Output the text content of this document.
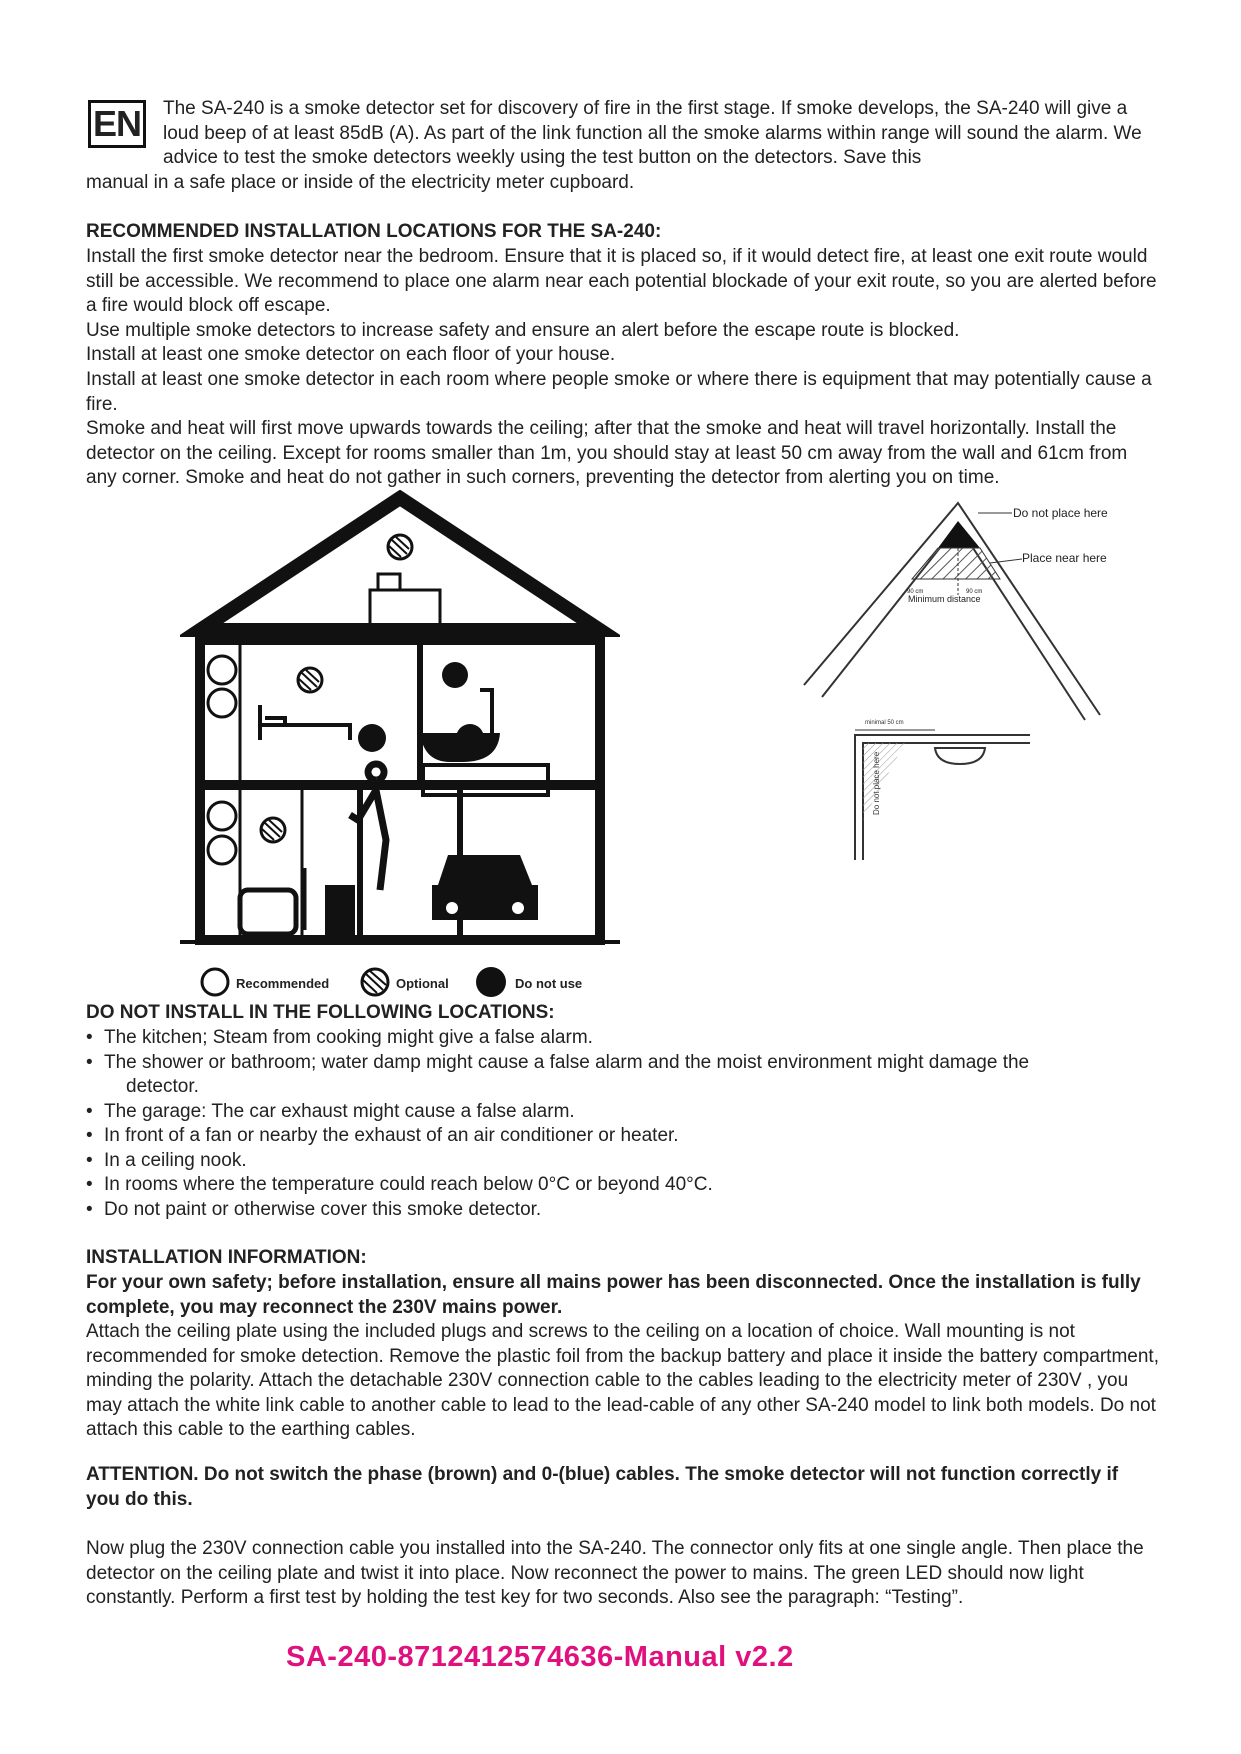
EN The SA-240 is a smoke detector set for discovery of fire in the first stage. If smoke develops, the SA-240 will give a loud beep of at least 85dB (A). As part of the link function all the smoke alarms within range will sound the alarm. We advice to test the smoke detectors weekly using the test button on the detectors. Save this
manual in a safe place or inside of the electricity meter cupboard.

RECOMMENDED INSTALLATION LOCATIONS FOR THE SA-240:

Install the first smoke detector near the bedroom. Ensure that it is placed so, if it would detect fire, at least one exit route would still be accessible. We recommend to place one alarm near each potential blockade of your exit route, so you are alerted before a fire would block off escape.

Use multiple smoke detectors to increase safety and ensure an alert before the escape route is blocked.

Install at least one smoke detector on each floor of your house.

Install at least one smoke detector in each room where people smoke or where there is equipment that may potentially cause a fire.

Smoke and heat will first move upwards towards the ceiling; after that the smoke and heat will travel horizontally. Install the detector on the ceiling. Except for rooms smaller than 1m, you should stay at least 50 cm away from the wall and 61cm from any corner. Smoke and heat do not gather in such corners, preventing the detector from alerting you on time.

Recommended	Optional	Do not use
Do not place here
Place near here
90 cm	90 cm
Minimum distance
minimal 50 cm
Do not place here

DO NOT INSTALL IN THE FOLLOWING LOCATIONS:

• The kitchen; Steam from cooking might give a false alarm.
• The shower or bathroom; water damp might cause a false alarm and the moist environment might damage the
detector.
• The garage: The car exhaust might cause a false alarm.
• In front of a fan or nearby the exhaust of an air conditioner or heater.
• In a ceiling nook.
• In rooms where the temperature could reach below 0°C or beyond 40°C.
• Do not paint or otherwise cover this smoke detector.

INSTALLATION INFORMATION:

For your own safety; before installation, ensure all mains power has been disconnected. Once the installation is fully complete, you may reconnect the 230V mains power.

Attach the ceiling plate using the included plugs and screws to the ceiling on a location of choice. Wall mounting is not recommended for smoke detection. Remove the plastic foil from the backup battery and place it inside the battery compartment, minding the polarity. Attach the detachable 230V connection cable to the cables leading to the electricity meter of 230V , you may attach the white link cable to another cable to lead to the lead-cable of any other SA-240 model to link both models. Do not attach this cable to the earthing cables.

ATTENTION. Do not switch the phase (brown) and 0-(blue) cables. The smoke detector will not function correctly if you do this.

Now plug the 230V connection cable you installed into the SA-240. The connector only fits at one single angle. Then place the detector on the ceiling plate and twist it into place. Now reconnect the power to mains. The green LED should now light constantly. Perform a first test by holding the test key for two seconds. Also see the paragraph: “Testing”.

SA-240-8712412574636-Manual v2.2
